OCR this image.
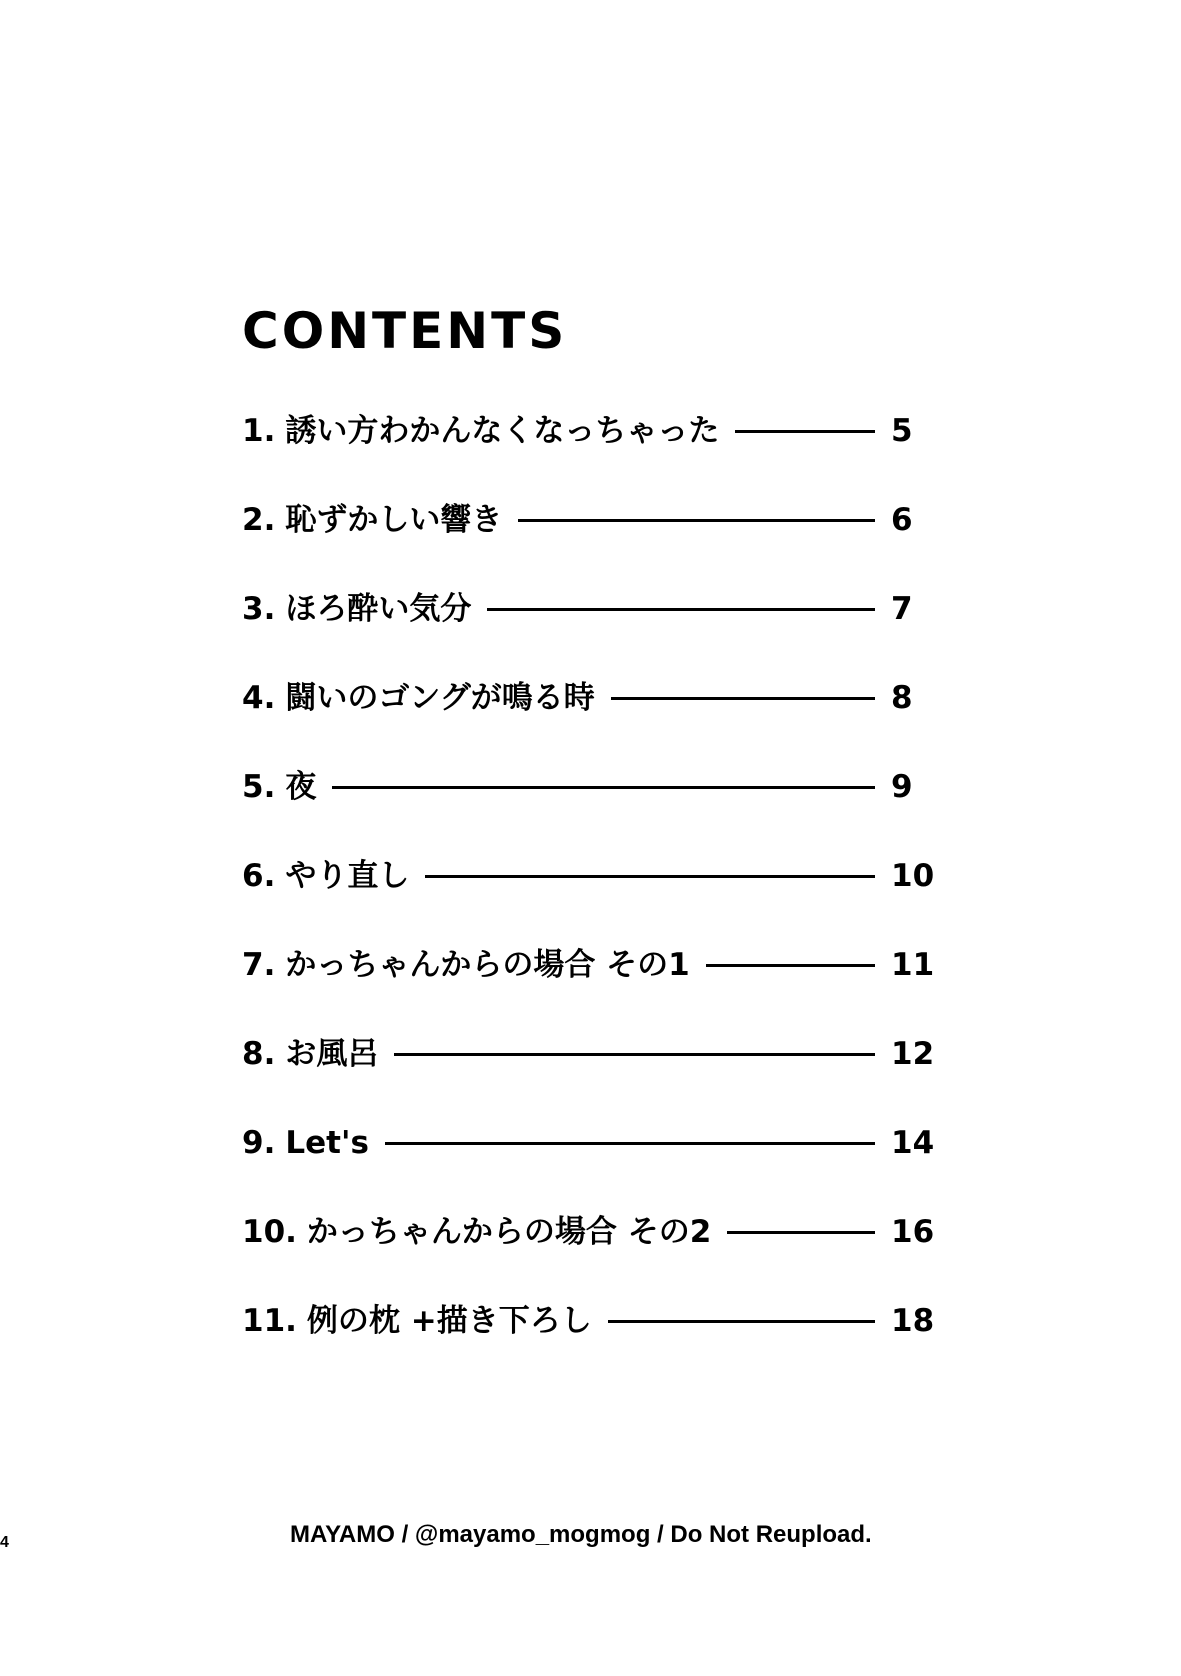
CONTENTS
1. 誘い方わかんなくなっちゃった	5
2. 恥ずかしい響き	6
3. ほろ酔い気分	7
4. 闘いのゴングが鳴る時	8
5. 夜	9
6. やり直し	10
7. かっちゃんからの場合 その1	11
8. お風呂	12
9. Let's	14
10. かっちゃんからの場合 その2	16
11. 例の枕 +描き下ろし	18
4	MAYAMO / @mayamo_mogmog / Do Not Reupload.
